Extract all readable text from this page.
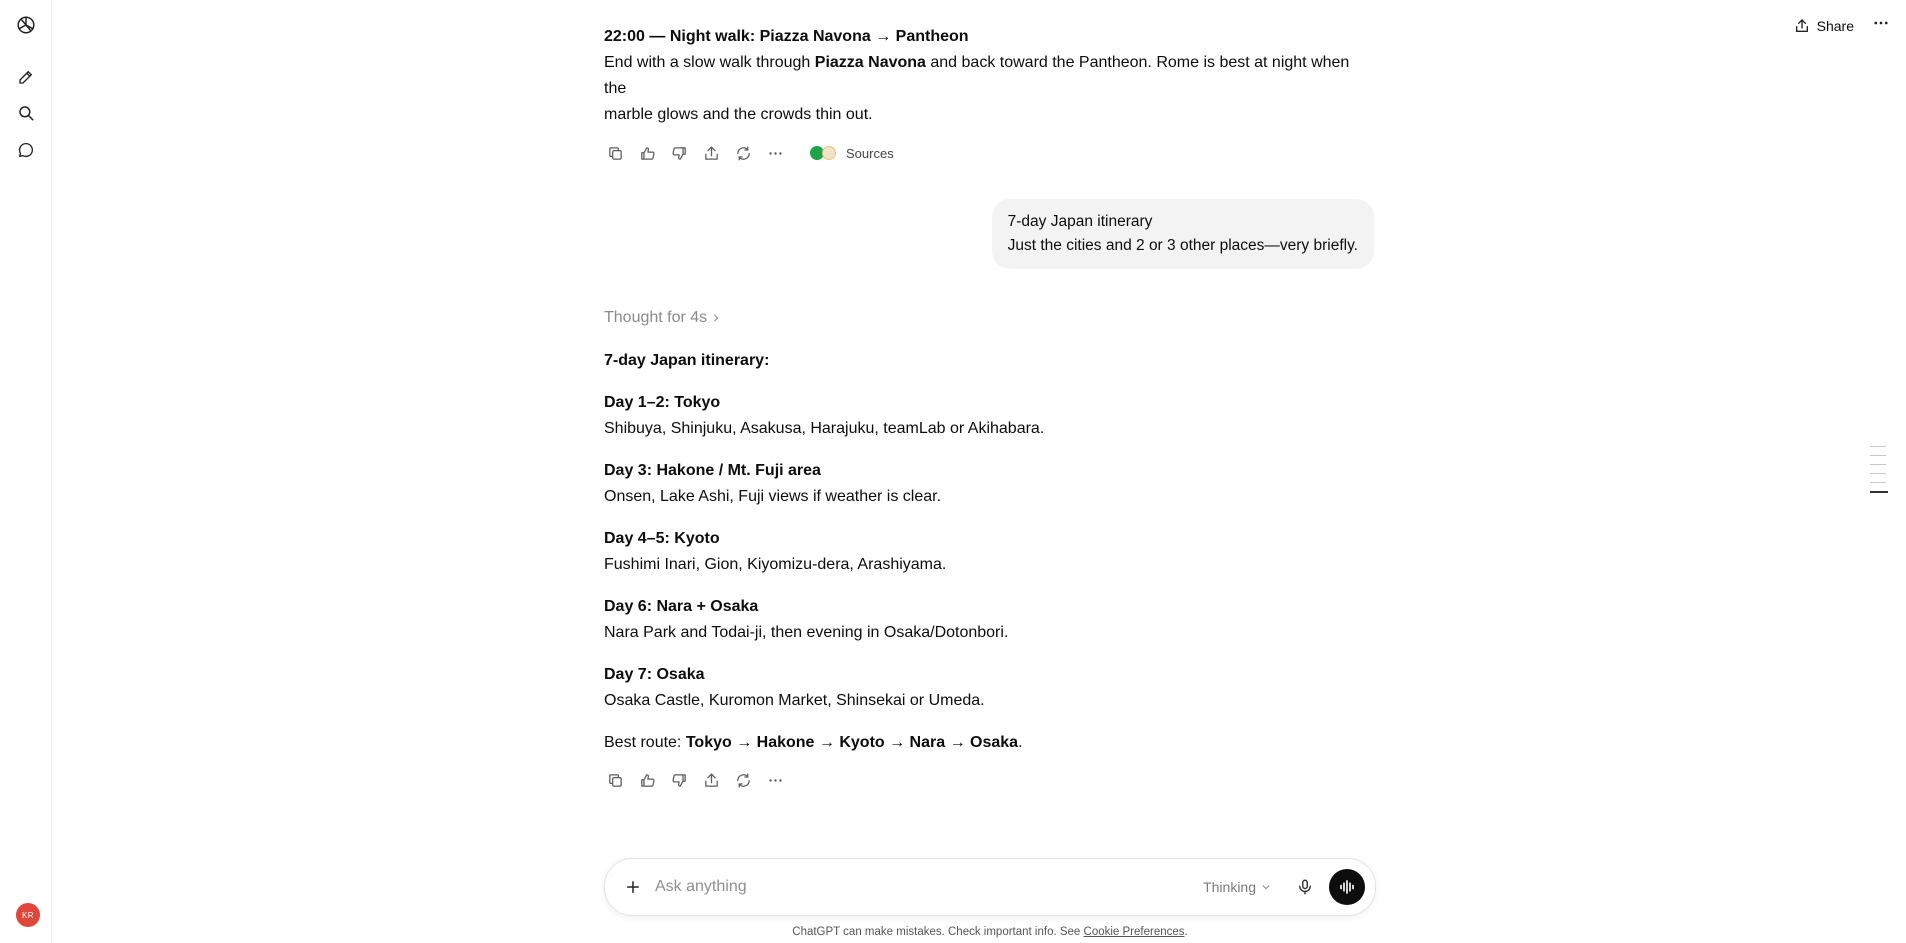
KR
Share
22:00 — Night walk: Piazza Navona → Pantheon
End with a slow walk through Piazza Navona and back toward the Pantheon. Rome is best at night when the
marble glows and the crowds thin out.
Sources
7-day Japan itinerary
Just the cities and 2 or 3 other places—very briefly.
Thought for 4s
7-day Japan itinerary:
Day 1–2: Tokyo
Shibuya, Shinjuku, Asakusa, Harajuku, teamLab or Akihabara.
Day 3: Hakone / Mt. Fuji area
Onsen, Lake Ashi, Fuji views if weather is clear.
Day 4–5: Kyoto
Fushimi Inari, Gion, Kiyomizu-dera, Arashiyama.
Day 6: Nara + Osaka
Nara Park and Todai-ji, then evening in Osaka/Dotonbori.
Day 7: Osaka
Osaka Castle, Kuromon Market, Shinsekai or Umeda.
Best route: Tokyo → Hakone → Kyoto → Nara → Osaka.
Ask anything
Thinking
ChatGPT can make mistakes. Check important info. See Cookie Preferences.
